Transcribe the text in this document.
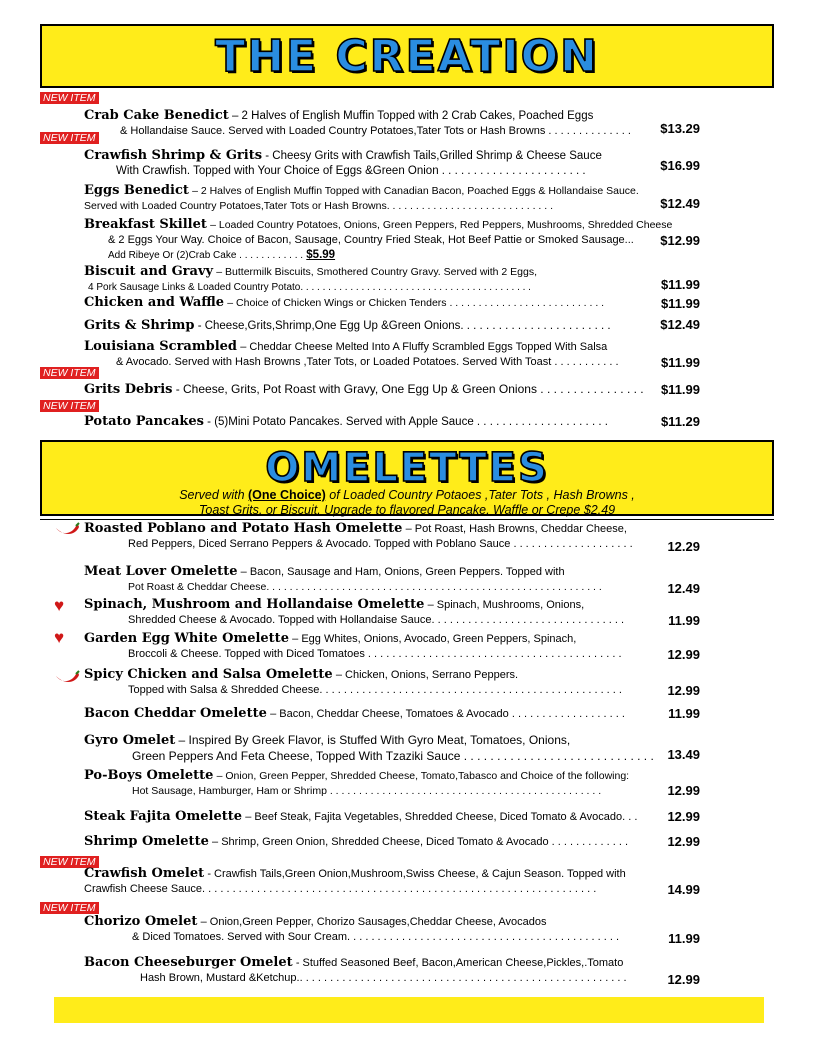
THE CREATION
NEW ITEM
Crab Cake Benedict – 2 Halves of English Muffin Topped with 2 Crab Cakes, Poached Eggs
& Hollandaise Sauce. Served with Loaded Country Potatoes,Tater Tots or Hash Browns . . . . . . . . . . . . . .	$13.29
NEW ITEM
Crawfish Shrimp & Grits - Cheesy Grits with Crawfish Tails,Grilled Shrimp & Cheese Sauce
With Crawfish. Topped with Your Choice of Eggs &Green Onion . . . . . . . . . . . . . . . . . . . . . . .	$16.99
Eggs Benedict – 2 Halves of English Muffin Topped with Canadian Bacon, Poached Eggs & Hollandaise Sauce.
Served with Loaded Country Potatoes,Tater Tots or Hash Browns. . . . . . . . . . . . . . . . . . . . . . . . . . . . .	$12.49
Breakfast Skillet – Loaded Country Potatoes, Onions, Green Peppers, Red Peppers, Mushrooms, Shredded Cheese
& 2 Eggs Your Way. Choice of Bacon, Sausage, Country Fried Steak, Hot Beef Pattie or Smoked Sausage...
Add Ribeye Or (2)Crab Cake . . . . . . . . . . . . $5.99
$12.99
Biscuit and Gravy – Buttermilk Biscuits, Smothered Country Gravy. Served with 2 Eggs,
4 Pork Sausage Links & Loaded Country Potato. . . . . . . . . . . . . . . . . . . . . . . . . . . . . . . . . . . . . . . . . .	$11.99
Chicken and Waffle – Choice of Chicken Wings or Chicken Tenders . . . . . . . . . . . . . . . . . . . . . . . . . . .	$11.99
Grits & Shrimp - Cheese,Grits,Shrimp,One Egg Up &Green Onions. . . . . . . . . . . . . . . . . . . . . . . .	$12.49
Louisiana Scrambled – Cheddar Cheese Melted Into A Fluffy Scrambled Eggs Topped With Salsa
& Avocado. Served with Hash Browns ,Tater Tots, or Loaded Potatoes. Served With Toast . . . . . . . . . . .	$11.99
NEW ITEM
Grits Debris - Cheese, Grits, Pot Roast with Gravy, One Egg Up & Green Onions . . . . . . . . . . . . . . . .	$11.99
NEW ITEM
Potato Pancakes - (5)Mini Potato Pancakes. Served with Apple Sauce . . . . . . . . . . . . . . . . . . . . .	$11.29
OMELETTES
Served with (One Choice) of Loaded Country Potaoes ,Tater Tots , Hash Browns ,
Toast Grits, or Biscuit. Upgrade to flavored Pancake, Waffle or Crepe $2.49
Roasted Poblano and Potato Hash Omelette – Pot Roast, Hash Browns, Cheddar Cheese,
Red Peppers, Diced Serrano Peppers & Avocado. Topped with Poblano Sauce . . . . . . . . . . . . . . . . . . . .	12.29
Meat Lover Omelette – Bacon, Sausage and Ham, Onions, Green Peppers. Topped with
Pot Roast & Cheddar Cheese. . . . . . . . . . . . . . . . . . . . . . . . . . . . . . . . . . . . . . . . . . . . . . . . . . . . . . . . . .	12.49
♥ Spinach, Mushroom and Hollandaise Omelette – Spinach, Mushrooms, Onions,
Shredded Cheese & Avocado. Topped with Hollandaise Sauce. . . . . . . . . . . . . . . . . . . . . . . . . . . . . . . .	11.99
♥ Garden Egg White Omelette – Egg Whites, Onions, Avocado, Green Peppers, Spinach,
Broccoli & Cheese. Topped with Diced Tomatoes . . . . . . . . . . . . . . . . . . . . . . . . . . . . . . . . . . . . . . . . . .	12.99
Spicy Chicken and Salsa Omelette – Chicken, Onions, Serrano Peppers.
Topped with Salsa & Shredded Cheese. . . . . . . . . . . . . . . . . . . . . . . . . . . . . . . . . . . . . . . . . . . . . . . . . .	12.99
Bacon Cheddar Omelette – Bacon, Cheddar Cheese, Tomatoes & Avocado . . . . . . . . . . . . . . . . . . .	11.99
Gyro Omelet – Inspired By Greek Flavor, is Stuffed With Gyro Meat, Tomatoes, Onions,
Green Peppers And Feta Cheese, Topped With Tzaziki Sauce . . . . . . . . . . . . . . . . . . . . . . . . . . . . .	13.49
Po-Boys Omelette – Onion, Green Pepper, Shredded Cheese, Tomato,Tabasco and Choice of the following:
Hot Sausage, Hamburger, Ham or Shrimp . . . . . . . . . . . . . . . . . . . . . . . . . . . . . . . . . . . . . . . . . . . . . . .	12.99
Steak Fajita Omelette – Beef Steak, Fajita Vegetables, Shredded Cheese, Diced Tomato & Avocado. . .	12.99
Shrimp Omelette – Shrimp, Green Onion, Shredded Cheese, Diced Tomato & Avocado . . . . . . . . . . . . .	12.99
NEW ITEM
Crawfish Omelet - Crawfish Tails,Green Onion,Mushroom,Swiss Cheese, & Cajun Season. Topped with
Crawfish Cheese Sauce. . . . . . . . . . . . . . . . . . . . . . . . . . . . . . . . . . . . . . . . . . . . . . . . . . . . . . . . . . . . . . . . .	14.99
NEW ITEM
Chorizo Omelet – Onion,Green Pepper, Chorizo Sausages,Cheddar Cheese, Avocados
& Diced Tomatoes. Served with Sour Cream. . . . . . . . . . . . . . . . . . . . . . . . . . . . . . . . . . . . . . . . . . . . .	11.99
Bacon Cheeseburger Omelet - Stuffed Seasoned Beef, Bacon,American Cheese,Pickles,.Tomato
Hash Brown, Mustard &Ketchup.. . . . . . . . . . . . . . . . . . . . . . . . . . . . . . . . . . . . . . . . . . . . . . . . . . . . . .	12.99
